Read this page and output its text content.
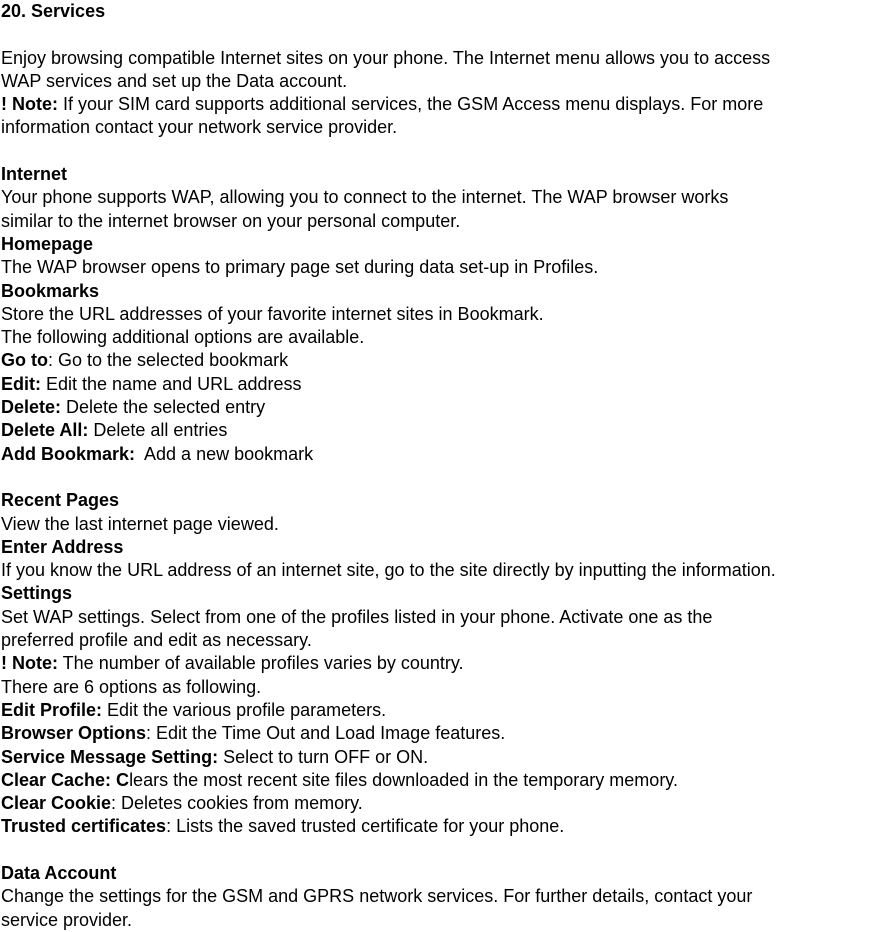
20. Services
Enjoy browsing compatible Internet sites on your phone. The Internet menu allows you to access
WAP services and set up the Data account.
! Note: If your SIM card supports additional services, the GSM Access menu displays. For more
information contact your network service provider.
Internet
Your phone supports WAP, allowing you to connect to the internet. The WAP browser works
similar to the internet browser on your personal computer.
Homepage
The WAP browser opens to primary page set during data set-up in Profiles.
Bookmarks
Store the URL addresses of your favorite internet sites in Bookmark.
The following additional options are available.
Go to: Go to the selected bookmark
Edit: Edit the name and URL address
Delete: Delete the selected entry
Delete All: Delete all entries
Add Bookmark:  Add a new bookmark
Recent Pages
View the last internet page viewed.
Enter Address
If you know the URL address of an internet site, go to the site directly by inputting the information.
Settings
Set WAP settings. Select from one of the profiles listed in your phone. Activate one as the
preferred profile and edit as necessary.
! Note: The number of available profiles varies by country.
There are 6 options as following.
Edit Profile: Edit the various profile parameters.
Browser Options: Edit the Time Out and Load Image features.
Service Message Setting: Select to turn OFF or ON.
Clear Cache: Clears the most recent site files downloaded in the temporary memory.
Clear Cookie: Deletes cookies from memory.
Trusted certificates: Lists the saved trusted certificate for your phone.
Data Account
Change the settings for the GSM and GPRS network services. For further details, contact your
service provider.
